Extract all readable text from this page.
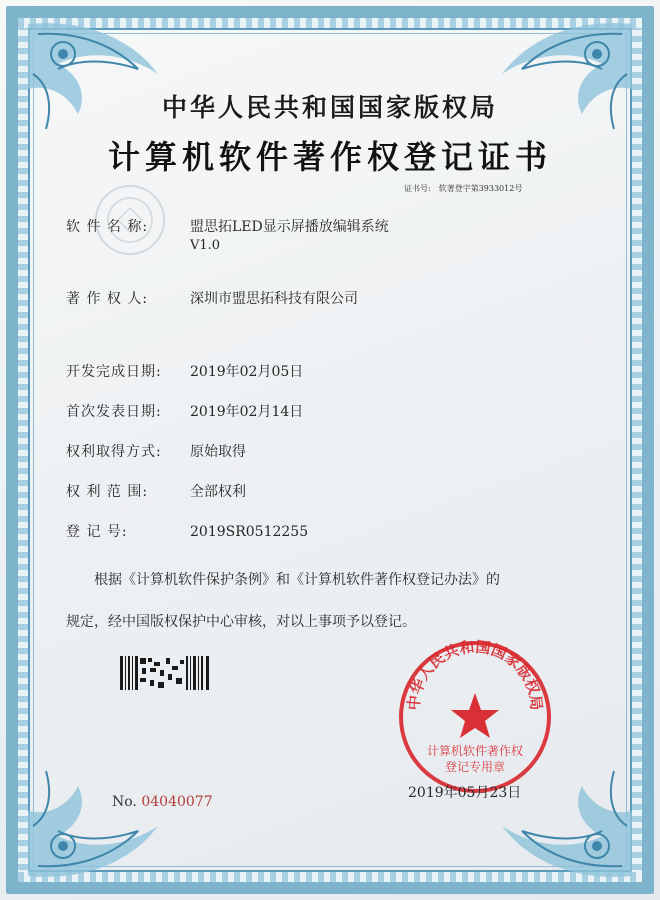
中华人民共和国国家版权局
计算机软件著作权登记证书
证书号: 软著登字第3933012号
软 件 名 称:	盟思拓LED显示屏播放编辑系统
V1.0
著 作 权 人:	深圳市盟思拓科技有限公司
开发完成日期: 2019年02月05日
首次发表日期: 2019年02月14日
权利取得方式: 原始取得
权 利 范 围:	全部权利
登 记 号:	2019SR0512255
根据《计算机软件保护条例》和《计算机软件著作权登记办法》的
规定，经中国版权保护中心审核，对以上事项予以登记。
中华人民共和国国家版权局
计算机软件著作权
登记专用章
No. 04040077
2019年05月23日
